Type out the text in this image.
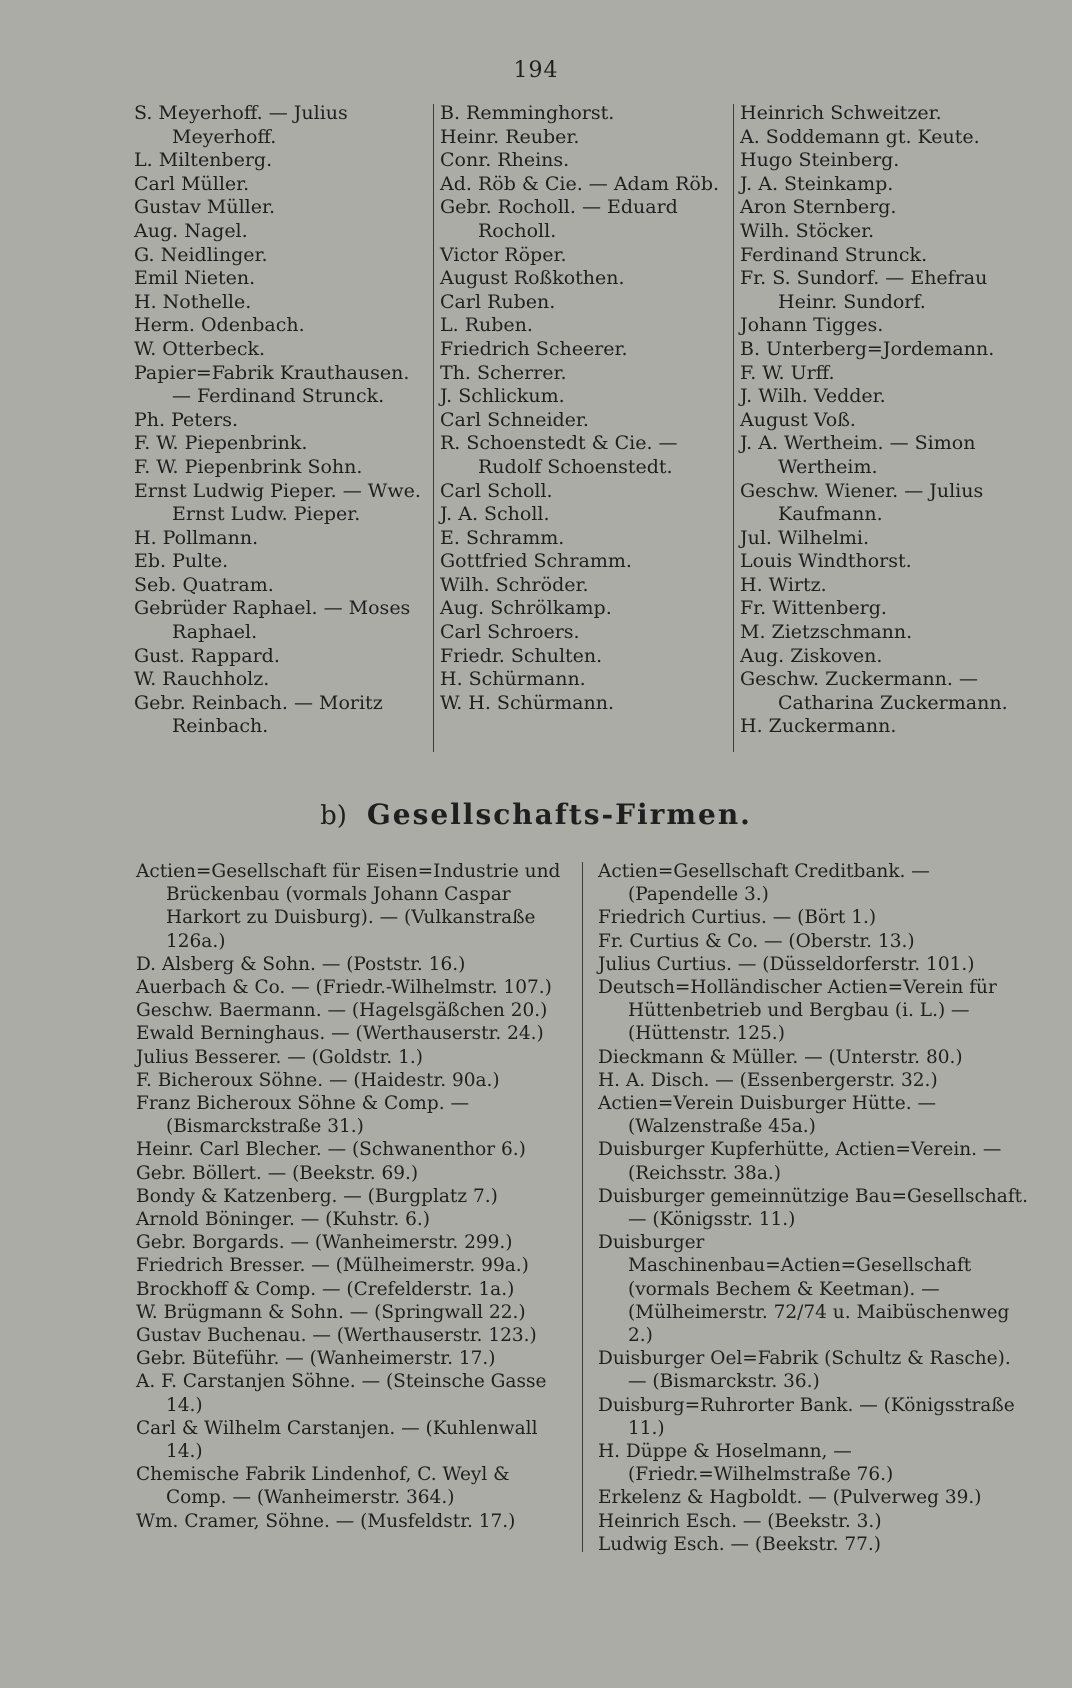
194

S. Meyerhoff. — Julius Meyerhoff.

L. Miltenberg.

Carl Müller.

Gustav Müller.

Aug. Nagel.

G. Neidlinger.

Emil Nieten.

H. Nothelle.

Herm. Odenbach.

W. Otterbeck.

Papier=Fabrik Krauthausen. — Ferdinand Strunck.

Ph. Peters.

F. W. Piepenbrink.

F. W. Piepenbrink Sohn.

Ernst Ludwig Pieper. — Wwe. Ernst Ludw. Pieper.

H. Pollmann.

Eb. Pulte.

Seb. Quatram.

Gebrüder Raphael. — Moses Raphael.

Gust. Rappard.

W. Rauchholz.

Gebr. Reinbach. — Moritz Reinbach.

B. Remminghorst.

Heinr. Reuber.

Conr. Rheins.

Ad. Röb & Cie. — Adam Röb.

Gebr. Rocholl. — Eduard Rocholl.

Victor Röper.

August Roßkothen.

Carl Ruben.

L. Ruben.

Friedrich Scheerer.

Th. Scherrer.

J. Schlickum.

Carl Schneider.

R. Schoenstedt & Cie. — Rudolf Schoenstedt.

Carl Scholl.

J. A. Scholl.

E. Schramm.

Gottfried Schramm.

Wilh. Schröder.

Aug. Schrölkamp.

Carl Schroers.

Friedr. Schulten.

H. Schürmann.

W. H. Schürmann.

Heinrich Schweitzer.

A. Soddemann gt. Keute.

Hugo Steinberg.

J. A. Steinkamp.

Aron Sternberg.

Wilh. Stöcker.

Ferdinand Strunck.

Fr. S. Sundorf. — Ehefrau Heinr. Sundorf.

Johann Tigges.

B. Unterberg=Jordemann.

F. W. Urff.

J. Wilh. Vedder.

August Voß.

J. A. Wertheim. — Simon Wertheim.

Geschw. Wiener. — Julius Kaufmann.

Jul. Wilhelmi.

Louis Windthorst.

H. Wirtz.

Fr. Wittenberg.

M. Zietzschmann.

Aug. Ziskoven.

Geschw. Zuckermann. — Catharina Zuckermann.

H. Zuckermann.

b) Gesellschafts-Firmen.

Actien=Gesellschaft für Eisen=Industrie und Brückenbau (vormals Johann Caspar Harkort zu Duisburg). — (Vulkanstraße 126a.)

D. Alsberg & Sohn. — (Poststr. 16.)

Auerbach & Co. — (Friedr.-Wilhelmstr. 107.)

Geschw. Baermann. — (Hagelsgäßchen 20.)

Ewald Berninghaus. — (Werthauserstr. 24.)

Julius Besserer. — (Goldstr. 1.)

F. Bicheroux Söhne. — (Haidestr. 90a.)

Franz Bicheroux Söhne & Comp. — (Bismarckstraße 31.)

Heinr. Carl Blecher. — (Schwanenthor 6.)

Gebr. Böllert. — (Beekstr. 69.)

Bondy & Katzenberg. — (Burgplatz 7.)

Arnold Böninger. — (Kuhstr. 6.)

Gebr. Borgards. — (Wanheimerstr. 299.)

Friedrich Bresser. — (Mülheimerstr. 99a.)

Brockhoff & Comp. — (Crefelderstr. 1a.)

W. Brügmann & Sohn. — (Springwall 22.)

Gustav Buchenau. — (Werthauserstr. 123.)

Gebr. Büteführ. — (Wanheimerstr. 17.)

A. F. Carstanjen Söhne. — (Steinsche Gasse 14.)

Carl & Wilhelm Carstanjen. — (Kuhlenwall 14.)

Chemische Fabrik Lindenhof, C. Weyl & Comp. — (Wanheimerstr. 364.)

Wm. Cramer, Söhne. — (Musfeldstr. 17.)

Actien=Gesellschaft Creditbank. — (Papendelle 3.)

Friedrich Curtius. — (Bört 1.)

Fr. Curtius & Co. — (Oberstr. 13.)

Julius Curtius. — (Düsseldorferstr. 101.)

Deutsch=Holländischer Actien=Verein für Hüttenbetrieb und Bergbau (i. L.) — (Hüttenstr. 125.)

Dieckmann & Müller. — (Unterstr. 80.)

H. A. Disch. — (Essenbergerstr. 32.)

Actien=Verein Duisburger Hütte. — (Walzenstraße 45a.)

Duisburger Kupferhütte, Actien=Verein. — (Reichsstr. 38a.)

Duisburger gemeinnützige Bau=Gesellschaft. — (Königsstr. 11.)

Duisburger Maschinenbau=Actien=Gesellschaft (vormals Bechem & Keetman). — (Mülheimerstr. 72/74 u. Maibüschenweg 2.)

Duisburger Oel=Fabrik (Schultz & Rasche). — (Bismarckstr. 36.)

Duisburg=Ruhrorter Bank. — (Königsstraße 11.)

H. Düppe & Hoselmann, — (Friedr.=Wilhelmstraße 76.)

Erkelenz & Hagboldt. — (Pulverweg 39.)

Heinrich Esch. — (Beekstr. 3.)

Ludwig Esch. — (Beekstr. 77.)
